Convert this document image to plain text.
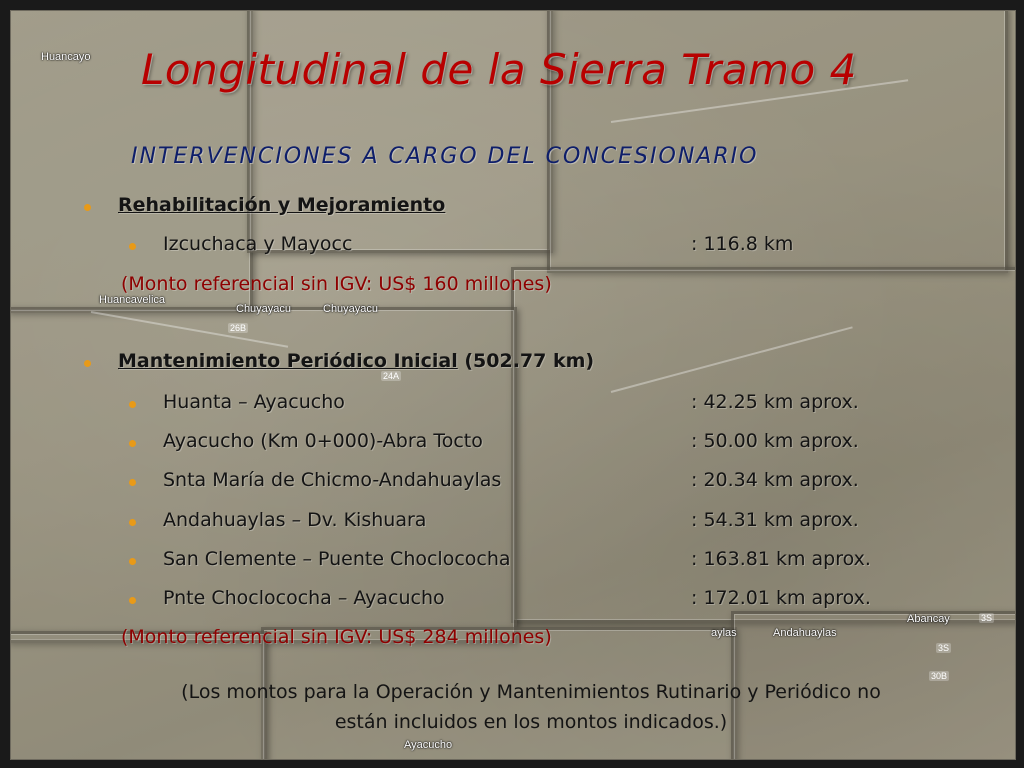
Huancayo
Huancavelica
Chuyayacu	Chuyayacu
26B
24A
aylas	Andahuaylas
Abancay	3S
3S
30B
Ayacucho
Longitudinal de la Sierra Tramo 4
INTERVENCIONES A CARGO DEL CONCESIONARIO

Rehabilitación y Mejoramiento

Izcuchaca y Mayocc	: 116.8 km

(Monto referencial sin IGV: US$ 160 millones)

Mantenimiento Periódico Inicial (502.77 km)

Huanta – Ayacucho	: 42.25 km aprox.

Ayacucho (Km 0+000)-Abra Tocto	: 50.00 km aprox.

Snta María de Chicmo-Andahuaylas	: 20.34 km aprox.

Andahuaylas – Dv. Kishuara	: 54.31 km aprox.

San Clemente – Puente Choclococha	: 163.81 km aprox.

Pnte Choclococha – Ayacucho	: 172.01 km aprox.

(Monto referencial sin IGV: US$ 284 millones)

(Los montos para la Operación y Mantenimientos Rutinario y Periódico no
están incluidos en los montos indicados.)
